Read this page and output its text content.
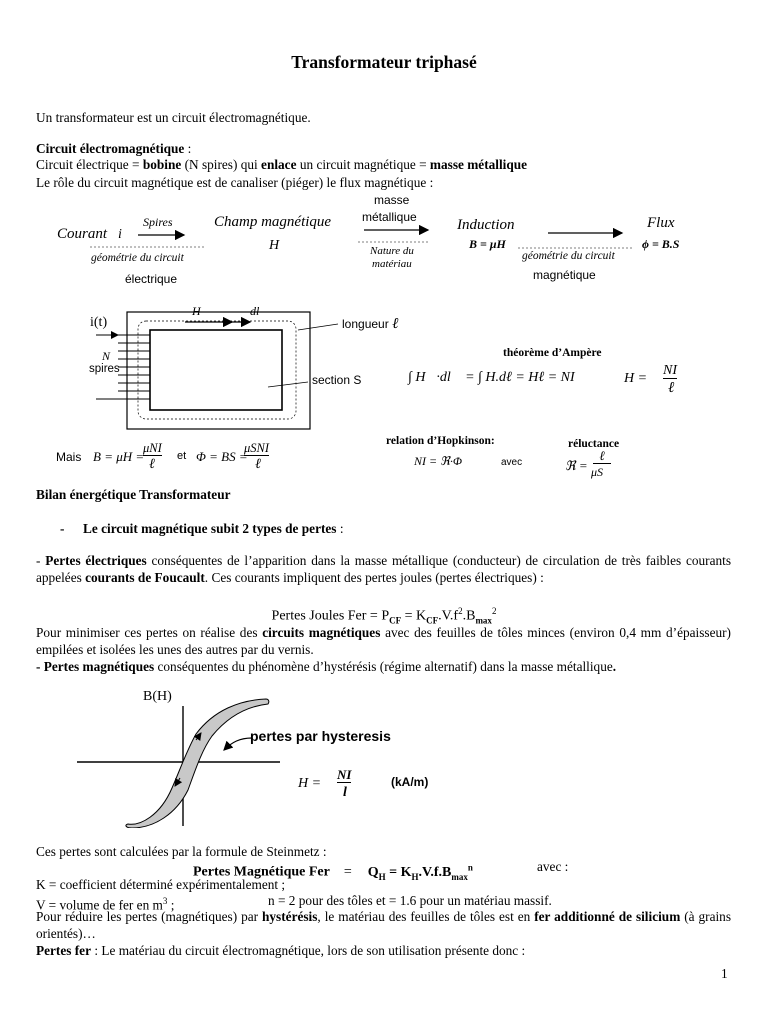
Transformateur triphasé
Un transformateur est un circuit électromagnétique.
Circuit électromagnétique :
Circuit électrique = bobine (N spires) qui enlace un circuit magnétique = masse métallique
Le rôle du circuit magnétique est de canaliser (piéger) le flux magnétique :
Courant i
Spires
géométrie du circuit
électrique
Champ magnétique
H
masse
métallique
Nature du
matériau
Induction
B = μH
géométrie du circuit
magnétique
Flux
ϕ = B.S
i(t)
H	dl
N
spires
longueur ℓ
section S
théorème d’Ampère
∫ H⃗·dl⃗ = ∫ H.dℓ = Hℓ = NI	H =
NI
ℓ
Mais B = μH =
μNI
ℓ
et Φ = BS =
μSNI
ℓ
relation d’Hopkinson:
NI = ℜ·Φ	avec
réluctance
ℜ =
ℓ
μS
Bilan énergétique Transformateur
- Le circuit magnétique subit 2 types de pertes :
- Pertes électriques conséquentes de l’apparition dans la masse métallique (conducteur) de circulation de très faibles courants appelées courants de Foucault. Ces courants impliquent des pertes joules (pertes électriques) :
Pertes Joules Fer = $P_{CF} = K_{CF}.V.f^2.B_{max}^2$
Pour minimiser ces pertes on réalise des circuits magnétiques avec des feuilles de tôles minces (environ 0,4 mm d’épaisseur) empilées et isolées les unes des autres par du vernis.
- Pertes magnétiques conséquentes du phénomène d’hystérésis (régime alternatif) dans la masse métallique.
B(H)
pertes par hysteresis
H =
NI
l
(kA/m)
Ces pertes sont calculées par la formule de Steinmetz :
Pertes Magnétique Fer = $Q_H = K_H.V.f.B_{max}^n$	avec :
K = coefficient déterminé expérimentalement ;
V = volume de fer en $m^3$ ;	n = 2 pour des tôles et = 1.6 pour un matériau massif.
Pour réduire les pertes (magnétiques) par hystérésis, le matériau des feuilles de tôles est en fer additionné de silicium (à grains orientés)…
Pertes fer : Le matériau du circuit électromagnétique, lors de son utilisation présente donc :
1
